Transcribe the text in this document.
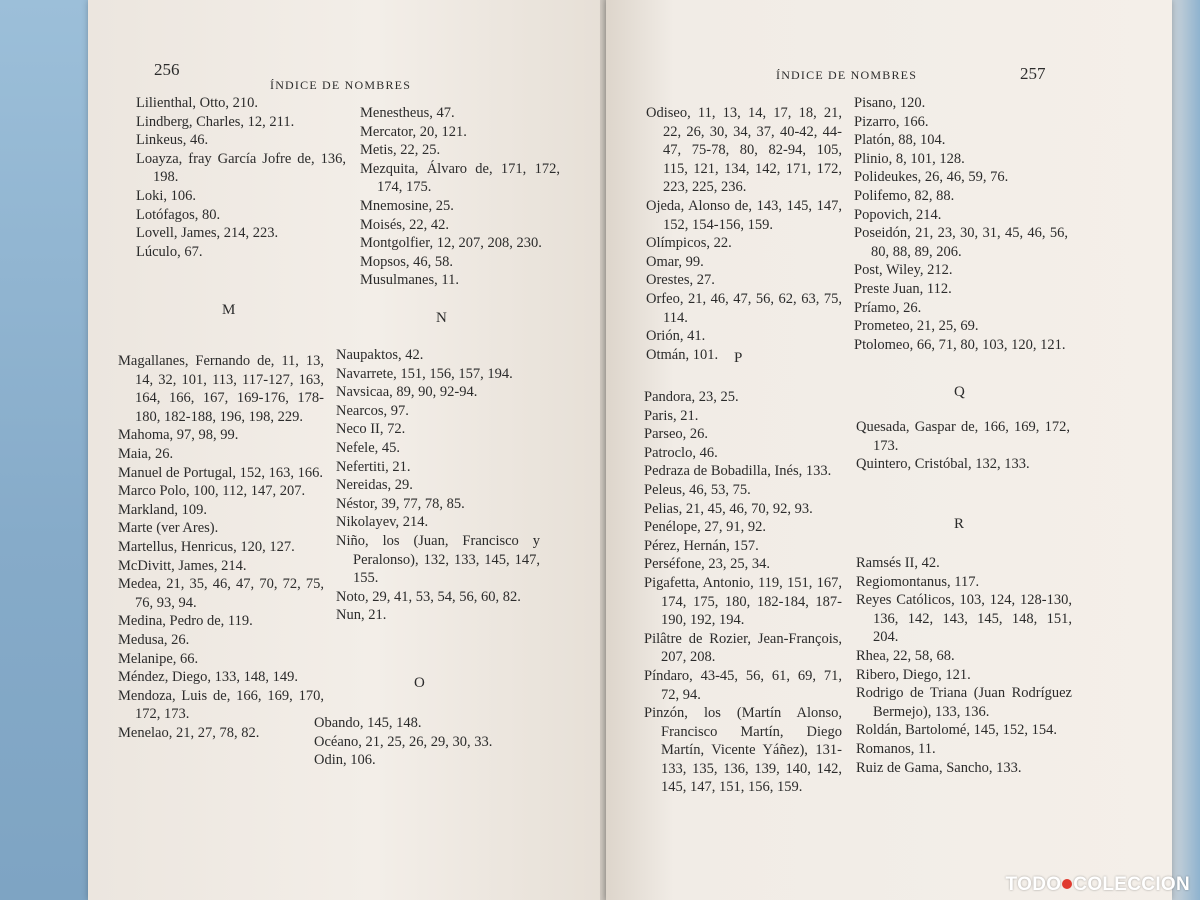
256
ÍNDICE DE NOMBRES
Lilienthal, Otto, 210.
Lindberg, Charles, 12, 211.
Linkeus, 46.
Loayza, fray García Jofre de, 136, 198.
Loki, 106.
Lotófagos, 80.
Lovell, James, 214, 223.
Lúculo, 67.
Menestheus, 47.
Mercator, 20, 121.
Metis, 22, 25.
Mezquita, Álvaro de, 171, 172, 174, 175.
Mnemosine, 25.
Moisés, 22, 42.
Montgolfier, 12, 207, 208, 230.
Mopsos, 46, 58.
Musulmanes, 11.
M	N
Magallanes, Fernando de, 11, 13, 14, 32, 101, 113, 117-127, 163, 164, 166, 167, 169-176, 178-180, 182-188, 196, 198, 229.
Mahoma, 97, 98, 99.
Maia, 26.
Manuel de Portugal, 152, 163, 166.
Marco Polo, 100, 112, 147, 207.
Markland, 109.
Marte (ver Ares).
Martellus, Henricus, 120, 127.
McDivitt, James, 214.
Medea, 21, 35, 46, 47, 70, 72, 75, 76, 93, 94.
Medina, Pedro de, 119.
Medusa, 26.
Melanipe, 66.
Méndez, Diego, 133, 148, 149.
Mendoza, Luis de, 166, 169, 170, 172, 173.
Menelao, 21, 27, 78, 82.
Naupaktos, 42.
Navarrete, 151, 156, 157, 194.
Navsicaa, 89, 90, 92-94.
Nearcos, 97.
Neco II, 72.
Nefele, 45.
Nefertiti, 21.
Nereidas, 29.
Néstor, 39, 77, 78, 85.
Nikolayev, 214.
Niño, los (Juan, Francisco y Peralonso), 132, 133, 145, 147, 155.
Noto, 29, 41, 53, 54, 56, 60, 82.
Nun, 21.
O
Obando, 145, 148.
Océano, 21, 25, 26, 29, 30, 33.
Odin, 106.
ÍNDICE DE NOMBRES	257
Odiseo, 11, 13, 14, 17, 18, 21, 22, 26, 30, 34, 37, 40-42, 44-47, 75-78, 80, 82-94, 105, 115, 121, 134, 142, 171, 172, 223, 225, 236.
Ojeda, Alonso de, 143, 145, 147, 152, 154-156, 159.
Olímpicos, 22.
Omar, 99.
Orestes, 27.
Orfeo, 21, 46, 47, 56, 62, 63, 75, 114.
Orión, 41.
Otmán, 101.
Pisano, 120.
Pizarro, 166.
Platón, 88, 104.
Plinio, 8, 101, 128.
Polideukes, 26, 46, 59, 76.
Polifemo, 82, 88.
Popovich, 214.
Poseidón, 21, 23, 30, 31, 45, 46, 56, 80, 88, 89, 206.
Post, Wiley, 212.
Preste Juan, 112.
Príamo, 26.
Prometeo, 21, 25, 69.
Ptolomeo, 66, 71, 80, 103, 120, 121.
P
Pandora, 23, 25.
Paris, 21.
Parseo, 26.
Patroclo, 46.
Pedraza de Bobadilla, Inés, 133.
Peleus, 46, 53, 75.
Pelias, 21, 45, 46, 70, 92, 93.
Penélope, 27, 91, 92.
Pérez, Hernán, 157.
Perséfone, 23, 25, 34.
Pigafetta, Antonio, 119, 151, 167, 174, 175, 180, 182-184, 187-190, 192, 194.
Pilâtre de Rozier, Jean-François, 207, 208.
Píndaro, 43-45, 56, 61, 69, 71, 72, 94.
Pinzón, los (Martín Alonso, Francisco Martín, Diego Martín, Vicente Yáñez), 131-133, 135, 136, 139, 140, 142, 145, 147, 151, 156, 159.
Q
Quesada, Gaspar de, 166, 169, 172, 173.
Quintero, Cristóbal, 132, 133.
R
Ramsés II, 42.
Regiomontanus, 117.
Reyes Católicos, 103, 124, 128-130, 136, 142, 143, 145, 148, 151, 204.
Rhea, 22, 58, 68.
Ribero, Diego, 121.
Rodrigo de Triana (Juan Rodríguez Bermejo), 133, 136.
Roldán, Bartolomé, 145, 152, 154.
Romanos, 11.
Ruiz de Gama, Sancho, 133.
TODO COLECCION
